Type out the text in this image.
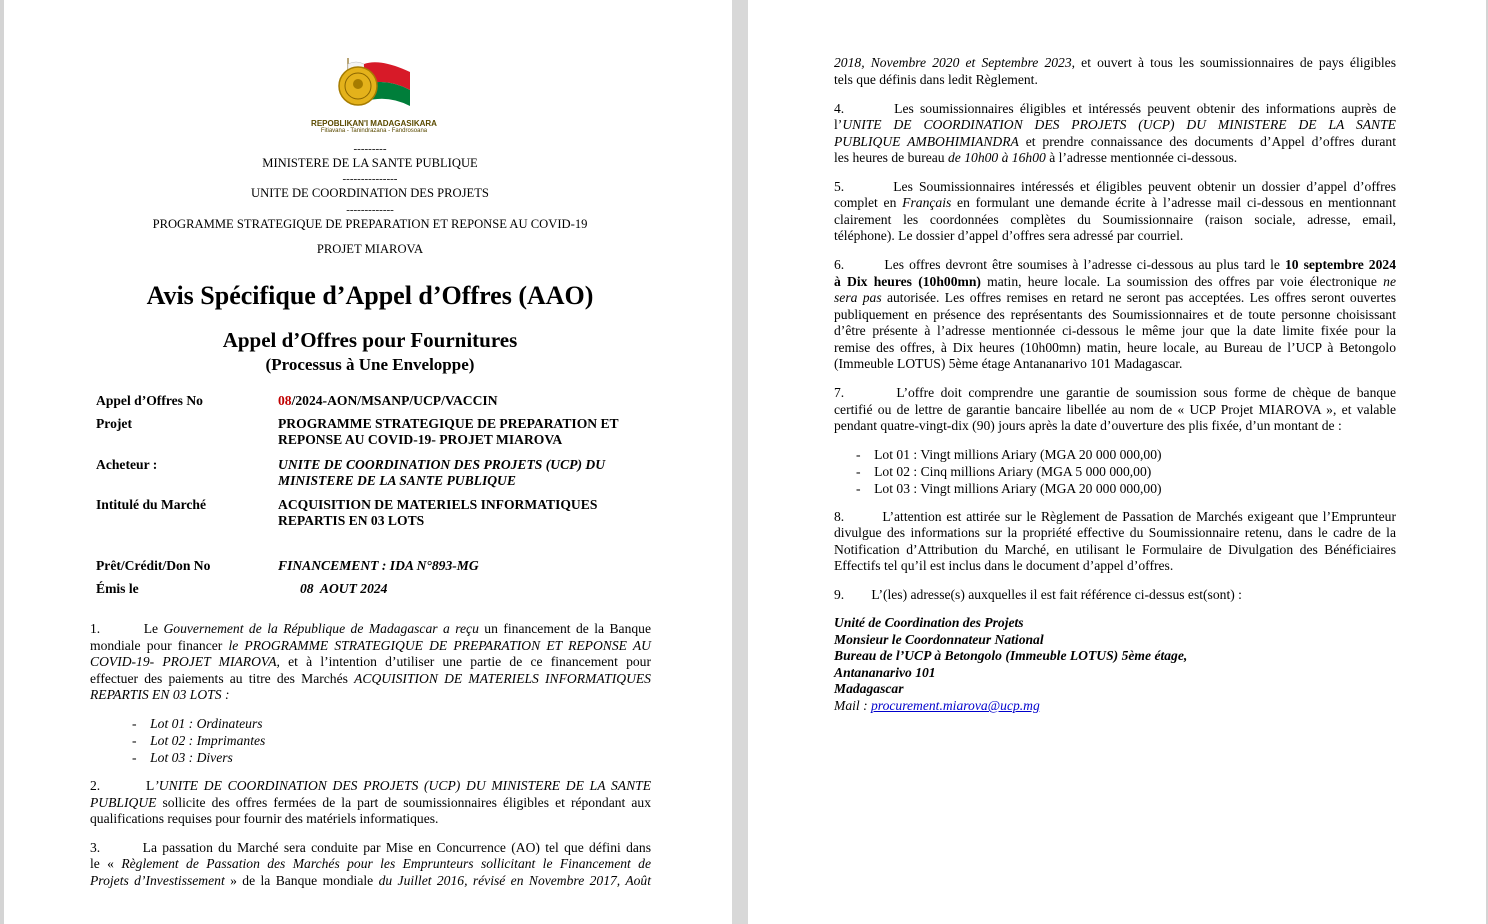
REPOBLIKAN'I MADAGASIKARA
Fitiavana - Tanindrazana - Fandrosoana
---------
MINISTERE DE LA SANTE PUBLIQUE
---------------
UNITE DE COORDINATION DES PROJETS
-------------
PROGRAMME STRATEGIQUE DE PREPARATION ET REPONSE AU COVID-19
PROJET MIAROVA
Avis Spécifique d’Appel d’Offres (AAO)
Appel d’Offres pour Fournitures
(Processus à Une Enveloppe)
Appel d’Offres No	08/2024-AON/MSANP/UCP/VACCIN
Projet	PROGRAMME STRATEGIQUE DE PREPARATION ET
REPONSE AU COVID-19- PROJET MIAROVA
Acheteur :	UNITE DE COORDINATION DES PROJETS (UCP) DU
MINISTERE DE LA SANTE PUBLIQUE
Intitulé du Marché	ACQUISITION DE MATERIELS INFORMATIQUES
REPARTIS EN 03 LOTS
Prêt/Crédit/Don No	FINANCEMENT : IDA N°893-MG
Émis le	08  AOUT 2024
1.        Le Gouvernement de la République de Madagascar a reçu un financement de la Banque
mondiale pour financer le PROGRAMME STRATEGIQUE DE PREPARATION ET REPONSE AU
COVID-19- PROJET MIAROVA, et à l’intention d’utiliser une partie de ce financement pour
effectuer des paiements au titre des Marchés ACQUISITION DE MATERIELS INFORMATIQUES
REPARTIS EN 03 LOTS :
-    Lot 01 : Ordinateurs
-    Lot 02 : Imprimantes
-    Lot 03 : Divers
2.        L’UNITE DE COORDINATION DES PROJETS (UCP) DU MINISTERE DE LA SANTE
PUBLIQUE sollicite des offres fermées de la part de soumissionnaires éligibles et répondant aux
qualifications requises pour fournir des matériels informatiques.
3.        La passation du Marché sera conduite par Mise en Concurrence (AO) tel que défini dans
le « Règlement de Passation des Marchés pour les Emprunteurs sollicitant le Financement de
Projets d’Investissement » de la Banque mondiale du Juillet 2016, révisé en Novembre 2017, Août
2018, Novembre 2020 et Septembre 2023, et ouvert à tous les soumissionnaires de pays éligibles
tels que définis dans ledit Règlement.
4.        Les soumissionnaires éligibles et intéressés peuvent obtenir des informations auprès de
l’UNITE DE COORDINATION DES PROJETS (UCP) DU MINISTERE DE LA SANTE
PUBLIQUE AMBOHIMIANDRA et prendre connaissance des documents d’Appel d’offres durant
les heures de bureau de 10h00 à 16h00 à l’adresse mentionnée ci-dessous.
5.        Les Soumissionnaires intéressés et éligibles peuvent obtenir un dossier d’appel d’offres
complet en Français en formulant une demande écrite à l’adresse mail ci-dessous en mentionnant
clairement les coordonnées complètes du Soumissionnaire (raison sociale, adresse, email,
téléphone). Le dossier d’appel d’offres sera adressé par courriel.
6.        Les offres devront être soumises à l’adresse ci-dessous au plus tard le 10 septembre 2024
à Dix heures (10h00mn) matin, heure locale. La soumission des offres par voie électronique ne
sera pas autorisée. Les offres remises en retard ne seront pas acceptées. Les offres seront ouvertes
publiquement en présence des représentants des Soumissionnaires et de toute personne choisissant
d’être présente à l’adresse mentionnée ci-dessous le même jour que la date limite fixée pour la
remise des offres, à Dix heures (10h00mn) matin, heure locale, au Bureau de l’UCP à Betongolo
(Immeuble LOTUS) 5ème étage Antananarivo 101 Madagascar.
7.        L’offre doit comprendre une garantie de soumission sous forme de chèque de banque
certifié ou de lettre de garantie bancaire libellée au nom de « UCP Projet MIAROVA », et valable
pendant quatre-vingt-dix (90) jours après la date d’ouverture des plis fixée, d’un montant de :
-    Lot 01 : Vingt millions Ariary (MGA 20 000 000,00)
-    Lot 02 : Cinq millions Ariary (MGA 5 000 000,00)
-    Lot 03 : Vingt millions Ariary (MGA 20 000 000,00)
8.        L’attention est attirée sur le Règlement de Passation de Marchés exigeant que l’Emprunteur
divulgue des informations sur la propriété effective du Soumissionnaire retenu, dans le cadre de la
Notification d’Attribution du Marché, en utilisant le Formulaire de Divulgation des Bénéficiaires
Effectifs tel qu’il est inclus dans le document d’appel d’offres.
9.        L’(les) adresse(s) auxquelles il est fait référence ci-dessus est(sont) :
Unité de Coordination des Projets
Monsieur le Coordonnateur National
Bureau de l’UCP à Betongolo (Immeuble LOTUS) 5ème étage,
Antananarivo 101
Madagascar
Mail : procurement.miarova@ucp.mg
